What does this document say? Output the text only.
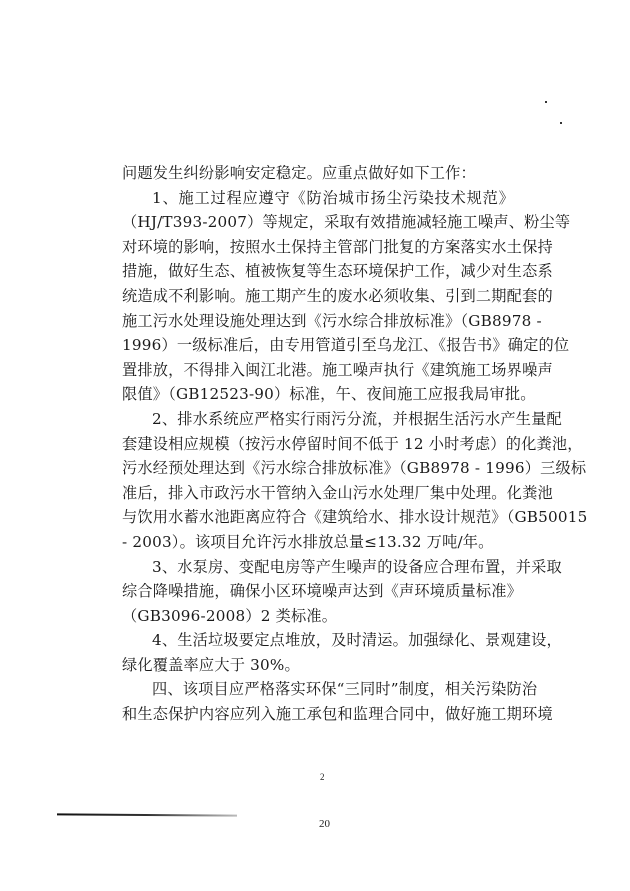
问题发生纠纷影响安定稳定。应重点做好如下工作：
1、施工过程应遵守《防治城市扬尘污染技术规范》
（HJ/T393-2007）等规定，采取有效措施减轻施工噪声、粉尘等
对环境的影响，按照水土保持主管部门批复的方案落实水土保持
措施，做好生态、植被恢复等生态环境保护工作，减少对生态系
统造成不利影响。施工期产生的废水必须收集、引到二期配套的
施工污水处理设施处理达到《污水综合排放标准》（GB8978 -
1996）一级标准后，由专用管道引至乌龙江、《报告书》确定的位
置排放，不得排入闽江北港。施工噪声执行《建筑施工场界噪声
限值》（GB12523-90）标准，午、夜间施工应报我局审批。
2、排水系统应严格实行雨污分流，并根据生活污水产生量配
套建设相应规模（按污水停留时间不低于 12 小时考虑）的化粪池，
污水经预处理达到《污水综合排放标准》（GB8978 - 1996）三级标
准后，排入市政污水干管纳入金山污水处理厂集中处理。化粪池
与饮用水蓄水池距离应符合《建筑给水、排水设计规范》（GB50015
- 2003）。该项目允许污水排放总量≤13.32 万吨/年。
3、水泵房、变配电房等产生噪声的设备应合理布置，并采取
综合降噪措施，确保小区环境噪声达到《声环境质量标准》
（GB3096-2008）2 类标准。
4、生活垃圾要定点堆放，及时清运。加强绿化、景观建设，
绿化覆盖率应大于 30%。
四、该项目应严格落实环保“三同时”制度，相关污染防治
和生态保护内容应列入施工承包和监理合同中，做好施工期环境
2
20
